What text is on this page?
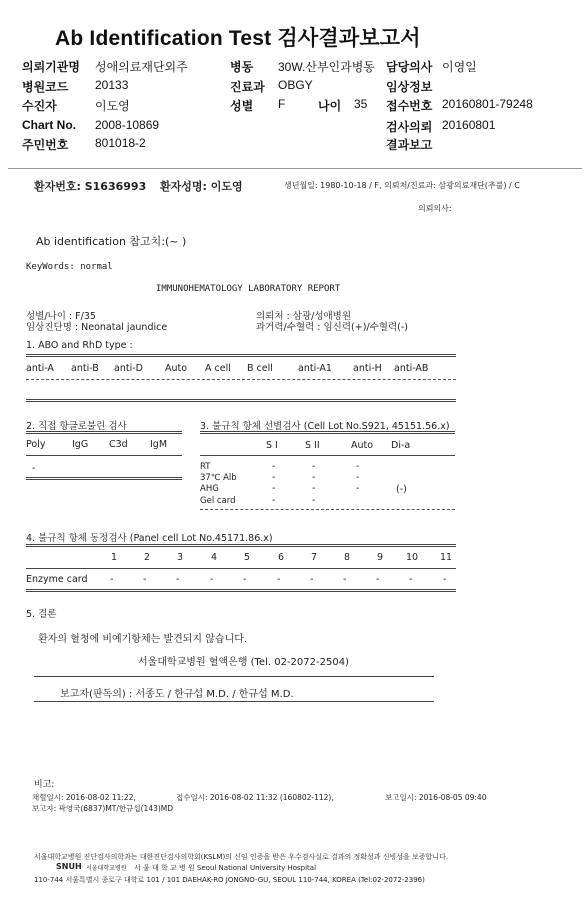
Ab Identification Test 검사결과보고서
의뢰기관명 성애의료재단외주	병동 30W.산부인과병동 담당의사 이영일
병원코드 20133	진료과 OBGY	임상정보
수진자	이도영	성별 F	나이 35 접수번호 20160801-79248
Chart No. 2008-10869	검사의뢰 20160801
주민번호 801018-2	결과보고
환자번호: S1636993 환자성명: 이도영	생년월일: 1980-10-18 / F, 의뢰처/진료과: 삼광의료재단(추불) / C
의뢰의사:
Ab identification 참고치:(~ )
KeyWords: normal
IMMUNOHEMATOLOGY LABORATORY REPORT
성별/나이 : F/35
임상진단명 : Neonatal jaundice
의뢰처 : 삼광/성애병원
과거력/수혈력 : 임신력(+)/수혈력(-)
1. ABO and RhD type :
anti-A anti-B anti-D Auto A cell B cell	anti-A1 anti-H anti-AB
2. 직접 항글로불린 검사
Poly	IgG C3d IgM
-
3. 불규칙 항체 선별검사 (Cell Lot No.S921, 45151.56.x)
S I	S II	Auto Di-a
RT	-	-	-
37℃ Alb	-	-	-
AHG	-	-	-	(-)
Gel card	-	-
4. 불규칙 항체 동정검사 (Panel cell Lot No.45171.86.x)
1	2	3	4	5	6	7	8	9 10 11
Enzyme card -	-	-	-	-	-	-	-	-	-	-
5. 결론
환자의 혈청에 비예기항체는 발견되지 않습니다.
서울대학교병원 혈액은행 (Tel. 02-2072-2504)
보고자(판독의) : 서종도 / 한규섭 M.D. / 한규섭 M.D.
비고:
채혈일시: 2016-08-02 11:22,	접수일시: 2016-08-02 11:32 (160802-112),	보고일시: 2016-08-05 09:40
보고자: 곽영국(6837)MT/한규섭(143)MD
서울대학교병원 진단검사의학과는 대한진단검사의학회(KSLM)의 신임 인증을 받은 우수검사실로 결과의 정확성과 신빙성을 보증합니다.
SNUH 서울대학교병원 서 울 대 학 교 병 원 Seoul National University Hospital
110-744 서울특별시 종로구 대학로 101 / 101 DAEHAK-RO JONGNO-GU, SEOUL 110-744, KOREA (Tel:02-2072-2396)
